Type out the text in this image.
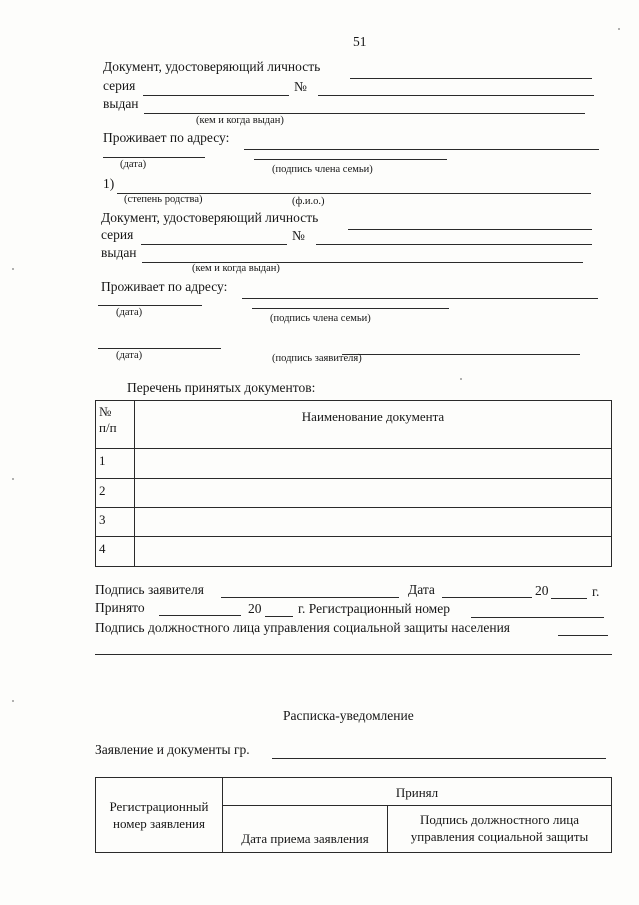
51
Документ, удостоверяющий личность
серия	№
выдан
(кем и когда выдан)
Проживает по адресу:
(дата)	(подпись члена семьи)
1)
(степень родства)	(ф.и.о.)
Документ, удостоверяющий личность
серия	№
выдан
(кем и когда выдан)
Проживает по адресу:
(дата)
(подпись члена семьи)
(дата)	(подпись заявителя)
Перечень принятых документов:
№
п/п	Наименование документа
1	
2	
3	
4	
Подпись заявителя	Дата	20	г.
Принято	20	г. Регистрационный номер
Подпись должностного лица управления социальной защиты населения
Расписка-уведомление
Заявление и документы гр.
Регистрационный
номер заявления	Принял	
	Дата приема заявления	Подпись должностного лица
управления социальной защиты
